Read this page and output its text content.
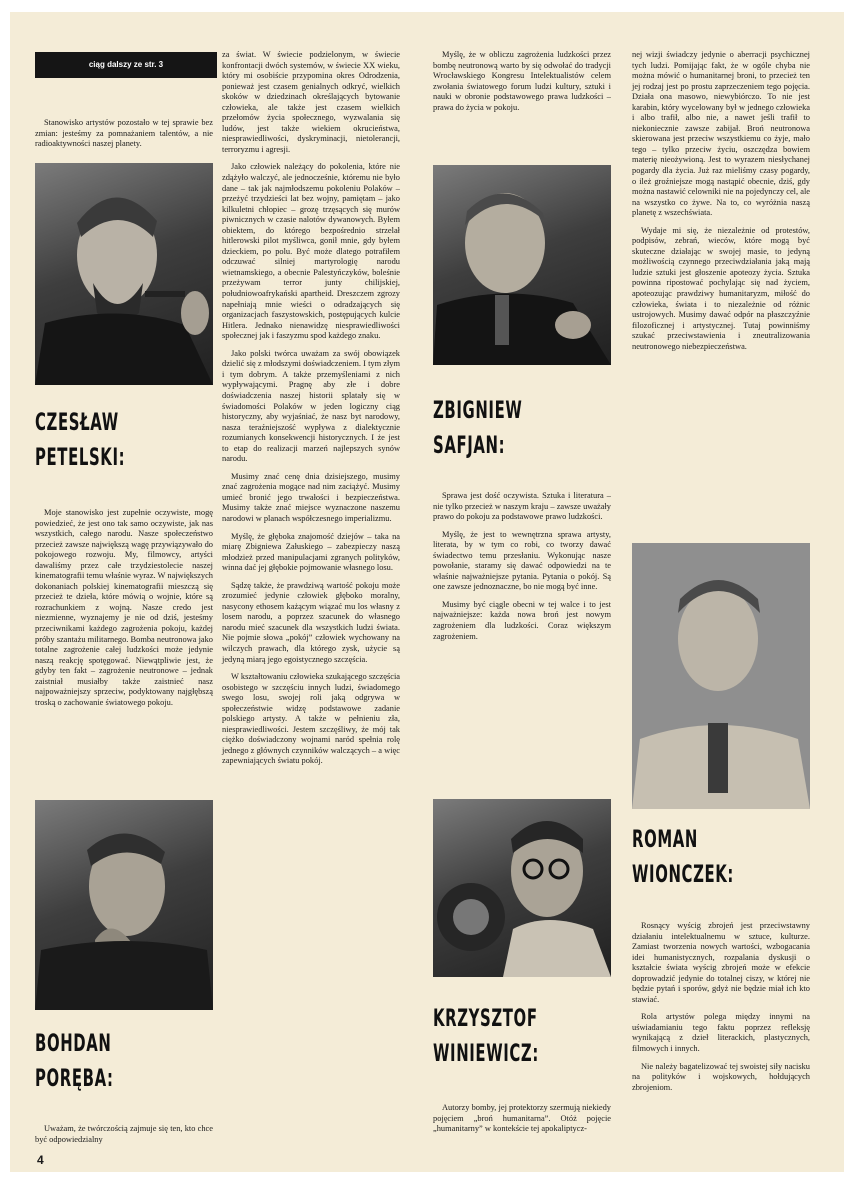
ciąg dalszy ze str. 3

Stanowisko artystów pozostało w tej sprawie bez zmian: jesteśmy za pomnażaniem talentów, a nie radioaktywności naszej planety.

CZESŁAW
PETELSKI:

Moje stanowisko jest zupełnie oczywiste, mogę powiedzieć, że jest ono tak samo oczywiste, jak nas wszystkich, całego narodu. Nasze społeczeństwo przecież zawsze największą wagę przywiązywało do pokojowego rozwoju. My, filmowcy, artyści dawaliśmy przez całe trzydziestolecie naszej kinematografii temu właśnie wyraz. W największych dokonaniach polskiej kinematografii mieszczą się przecież te dzieła, które mówią o wojnie, które są rozrachunkiem z wojną. Nasze credo jest niezmienne, wyznajemy je nie od dziś, jesteśmy przeciwnikami każdego zagrożenia pokoju, każdej próby szantażu militarnego. Bomba neutronowa jako totalne zagrożenie całej ludzkości może jedynie naszą reakcję spotęgować. Niewątpliwie jest, że gdyby ten fakt – zagrożenie neutronowe – jednak zaistniał musiałby także zaistnieć nasz najpoważniejszy sprzeciw, podyktowany najgłębszą troską o zachowanie światowego pokoju.

BOHDAN
PORĘBA:

Uważam, że twórczością zajmuje się ten, kto chce być odpowiedzialny

za świat. W świecie podzielonym, w świecie konfrontacji dwóch systemów, w świecie XX wieku, który mi osobiście przypomina okres Odrodzenia, ponieważ jest czasem genialnych odkryć, wielkich skoków w dziedzinach określających bytowanie człowieka, ale także jest czasem wielkich przełomów życia społecznego, wyzwalania się ludów, jest także wiekiem okrucieństwa, niesprawiedliwości, dyskryminacji, nietolerancji, terroryzmu i agresji.

Jako człowiek należący do pokolenia, które nie zdążyło walczyć, ale jednocześnie, któremu nie było dane – tak jak najmłodszemu pokoleniu Polaków – przeżyć trzydzieści lat bez wojny, pamiętam – jako kilkuletni chłopiec – grozę trzęsących się murów piwnicznych w czasie nalotów dywanowych. Byłem obiektem, do którego bezpośrednio strzelał hitlerowski pilot myśliwca, gonił mnie, gdy byłem dzieckiem, po polu. Być może dlatego potrafiłem odczuwać silniej martyrologię narodu wietnamskiego, a obecnie Palestyńczyków, boleśnie przeżywam terror junty chilijskiej, południowoafrykański apartheid. Dreszczem zgrozy napełniają mnie wieści o odradzających się organizacjach faszystowskich, postępujących kulcie Hitlera. Jednako nienawidzę niesprawiedliwości społecznej jak i faszyzmu spod każdego znaku.

Jako polski twórca uważam za swój obowiązek dzielić się z młodszymi doświadczeniem. I tym złym i tym dobrym. A także przemyśleniami z nich wypływającymi. Pragnę aby złe i dobre doświadczenia naszej historii splatały się w świadomości Polaków w jeden logiczny ciąg historyczny, aby wyjaśniać, że nasz byt narodowy, nasza teraźniejszość wypływa z dialektycznie rozumianych konsekwencji historycznych. I że jest to etap do realizacji marzeń najlepszych synów narodu.

Musimy znać cenę dnia dzisiejszego, musimy znać zagrożenia mogące nad nim zaciążyć. Musimy umieć bronić jego trwałości i bezpieczeństwa. Musimy także znać miejsce wyznaczone naszemu narodowi w planach współczesnego imperializmu.

Myślę, że głęboka znajomość dziejów – taka na miarę Zbigniewa Załuskiego – zabezpieczy naszą młodzież przed manipulacjami zgranych polityków, winna dać jej głębokie pojmowanie własnego losu.

Sądzę także, że prawdziwą wartość pokoju może zrozumieć jedynie człowiek głęboko moralny, nasycony ethosem każącym wiązać mu los własny z losem narodu, a poprzez szacunek do własnego narodu mieć szacunek dla wszystkich ludzi świata. Nie pojmie słowa „pokój” człowiek wychowany na wilczych prawach, dla którego zysk, użycie są jedyną miarą jego egoistycznego szczęścia.

W kształtowaniu człowieka szukającego szczęścia osobistego w szczęściu innych ludzi, świadomego swego losu, swojej roli jaką odgrywa w społeczeństwie widzę podstawowe zadanie polskiego artysty. A także w pełnieniu zła, niesprawiedliwości. Jestem szczęśliwy, że mój tak ciężko doświadczony wojnami naród spełnia rolę jednego z głównych czynników walczących – a więc zapewniających światu pokój.

Myślę, że w obliczu zagrożenia ludzkości przez bombę neutronową warto by się odwołać do tradycji Wrocławskiego Kongresu Intelektualistów celem zwołania światowego forum ludzi kultury, sztuki i nauki w obronie podstawowego prawa ludzkości – prawa do życia w pokoju.

ZBIGNIEW
SAFJAN:

Sprawa jest dość oczywista. Sztuka i literatura – nie tylko przecież w naszym kraju – zawsze uważały prawo do pokoju za podstawowe prawo ludzkości.

Myślę, że jest to wewnętrzna sprawa artysty, literata, by w tym co robi, co tworzy dawać świadectwo temu przesłaniu. Wykonując nasze powołanie, staramy się dawać odpowiedzi na te właśnie najważniejsze pytania. Pytania o pokój. Są one zawsze jednoznaczne, bo nie mogą być inne.

Musimy być ciągle obecni w tej walce i to jest najważniejsze: każda nowa broń jest nowym zagrożeniem dla ludzkości. Coraz większym zagrożeniem.

KRZYSZTOF
WINIEWICZ:

Autorzy bomby, jej protektorzy szermują niekiedy pojęciem „broń humanitarna”. Otóż pojęcie „humanitarny” w kontekście tej apokaliptycz-

nej wizji świadczy jedynie o aberracji psychicznej tych ludzi. Pomijając fakt, że w ogóle chyba nie można mówić o humanitarnej broni, to przecież ten jej rodzaj jest po prostu zaprzeczeniem tego pojęcia. Działa ona masowo, niewybiórczo. To nie jest karabin, który wycelowany był w jednego człowieka i albo trafił, albo nie, a nawet jeśli trafił to niekoniecznie zawsze zabijał. Broń neutronowa skierowana jest przeciw wszystkiemu co żyje, mało tego – tylko przeciw życiu, oszczędza bowiem materię nieożywioną. Jest to wyrazem niesłychanej pogardy dla życia. Już raz mieliśmy czasy pogardy, o ileż groźniejsze mogą nastąpić obecnie, dziś, gdy można nastawić celowniki nie na pojedynczy cel, ale na wszystko co żywe. Na to, co wyróżnia naszą planetę z wszechświata.

Wydaje mi się, że niezależnie od protestów, podpisów, zebrań, wieców, które mogą być skuteczne działając w swojej masie, to jedyną możliwością czynnego przeciwdziałania jaką mają ludzie sztuki jest głoszenie apoteozy życia. Sztuka powinna ripostować pochylając się nad życiem, apoteozując prawdziwy humanitaryzm, miłość do człowieka, świata i to niezależnie od różnic ustrojowych. Musimy dawać odpór na płaszczyźnie filozoficznej i artystycznej. Tutaj powinniśmy szukać przeciwstawienia i zneutralizowania neutronowego niebezpieczeństwa.

ROMAN
WIONCZEK:

Rosnący wyścig zbrojeń jest przeciwstawny działaniu intelektualnemu w sztuce, kulturze. Zamiast tworzenia nowych wartości, wzbogacania idei humanistycznych, rozpalania dyskusji o kształcie świata wyścig zbrojeń może w efekcie doprowadzić jedynie do totalnej ciszy, w której nie będzie pytań i sporów, gdyż nie będzie miał ich kto stawiać.

Rola artystów polega między innymi na uświadamianiu tego faktu poprzez refleksję wynikającą z dzieł literackich, plastycznych, filmowych i innych.

Nie należy bagatelizować tej swoistej siły nacisku na polityków i wojskowych, hołdujących zbrojeniom.

4
